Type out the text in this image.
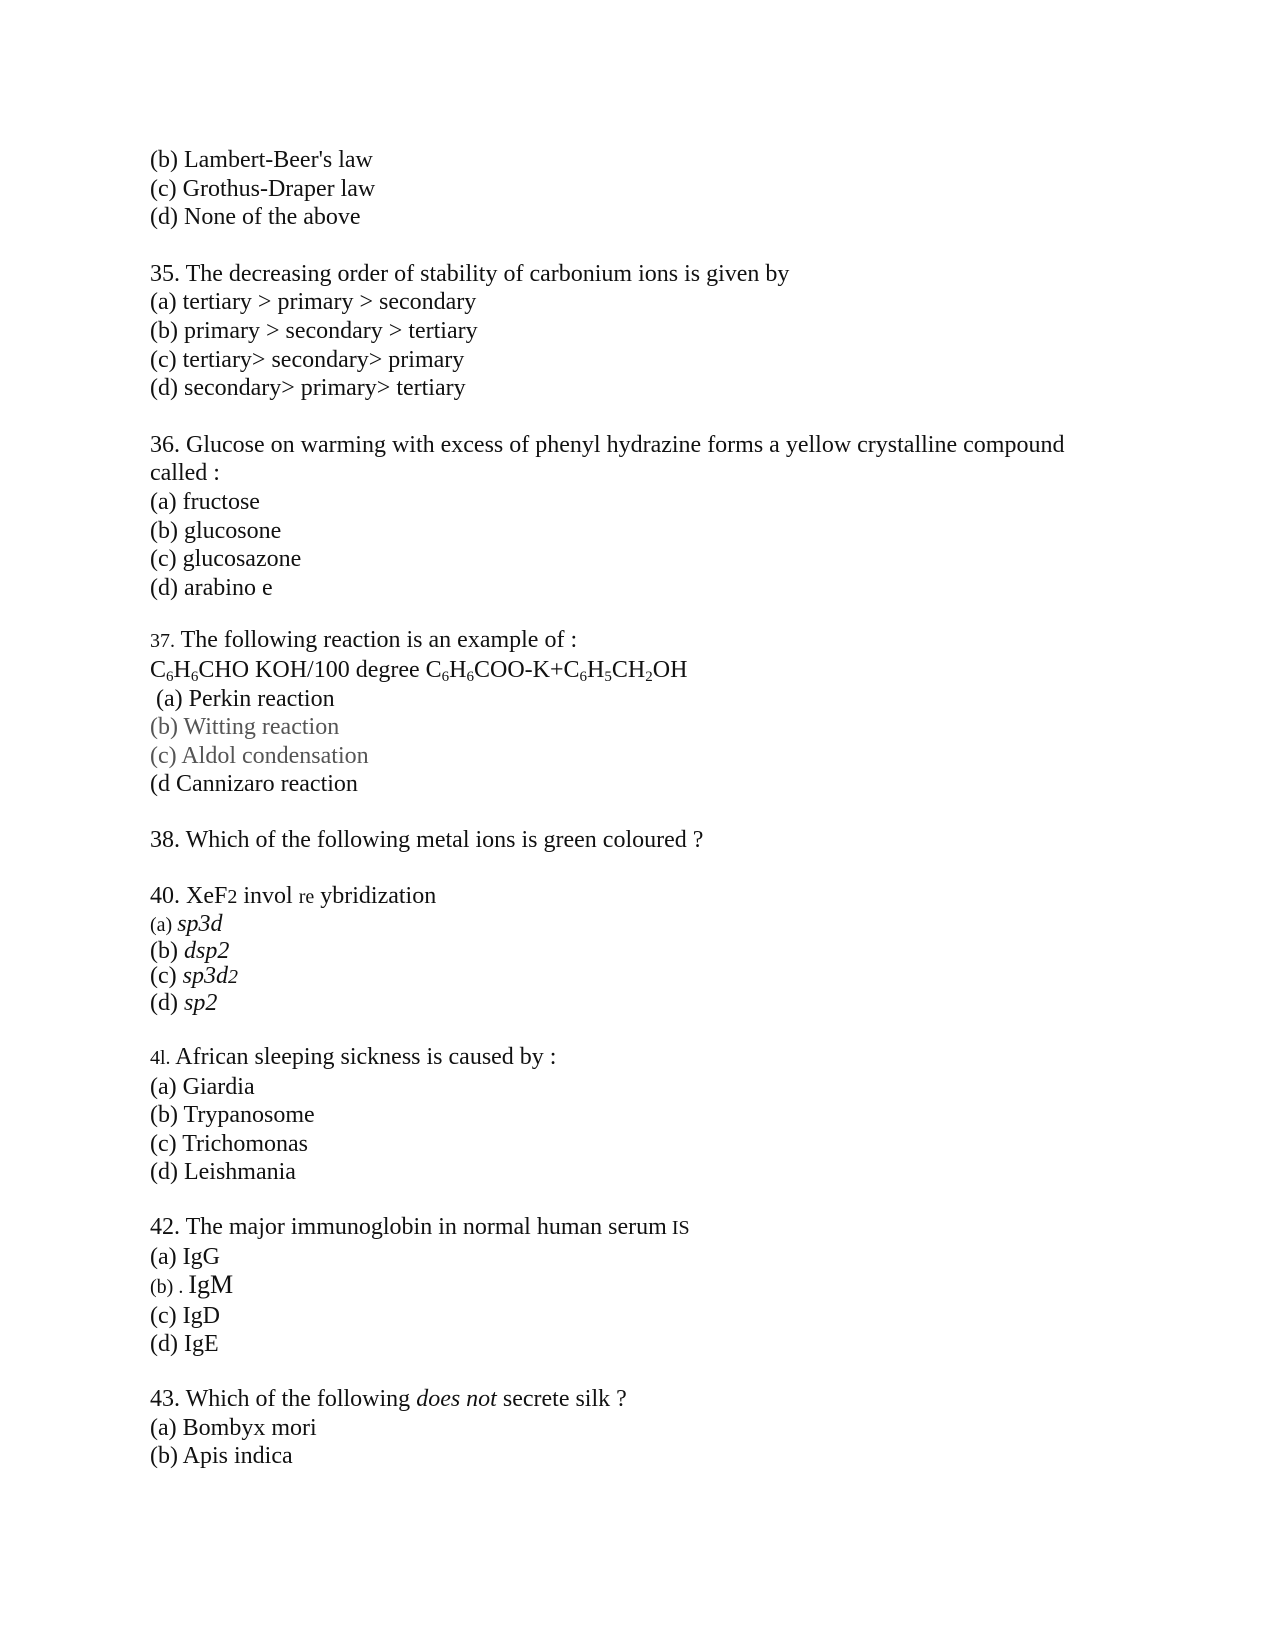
(b) Lambert-Beer's law
(c) Grothus-Draper law
(d) None of the above
35. The decreasing order of stability of carbonium ions is given by
(a) tertiary > primary > secondary
(b) primary > secondary > tertiary
(c) tertiary> secondary> primary
(d) secondary> primary> tertiary
36. Glucose on warming with excess of phenyl hydrazine forms a yellow crystalline compound
called :
(a) fructose
(b) glucosone
(c) glucosazone
(d) arabino e
37. The following reaction is an example of :
$C_6H_6CHO$ KOH/100 degree $C_6H_6COO-K+C_6H_5CH_2OH$
(a) Perkin reaction
(b) Witting reaction
(c) Aldol condensation
(d Cannizaro reaction
38. Which of the following metal ions is green coloured ?
40. XeF2 invol re ybridization
(a) sp3d
(b) dsp2
(c) sp3d2
(d) sp2
4l. African sleeping sickness is caused by :
(a) Giardia
(b) Trypanosome
(c) Trichomonas
(d) Leishmania
42. The major immunoglobin in normal human serum IS
(a) IgG
(b) . IgM
(c) IgD
(d) IgE
43. Which of the following does not secrete silk ?
(a) Bombyx mori
(b) Apis indica
